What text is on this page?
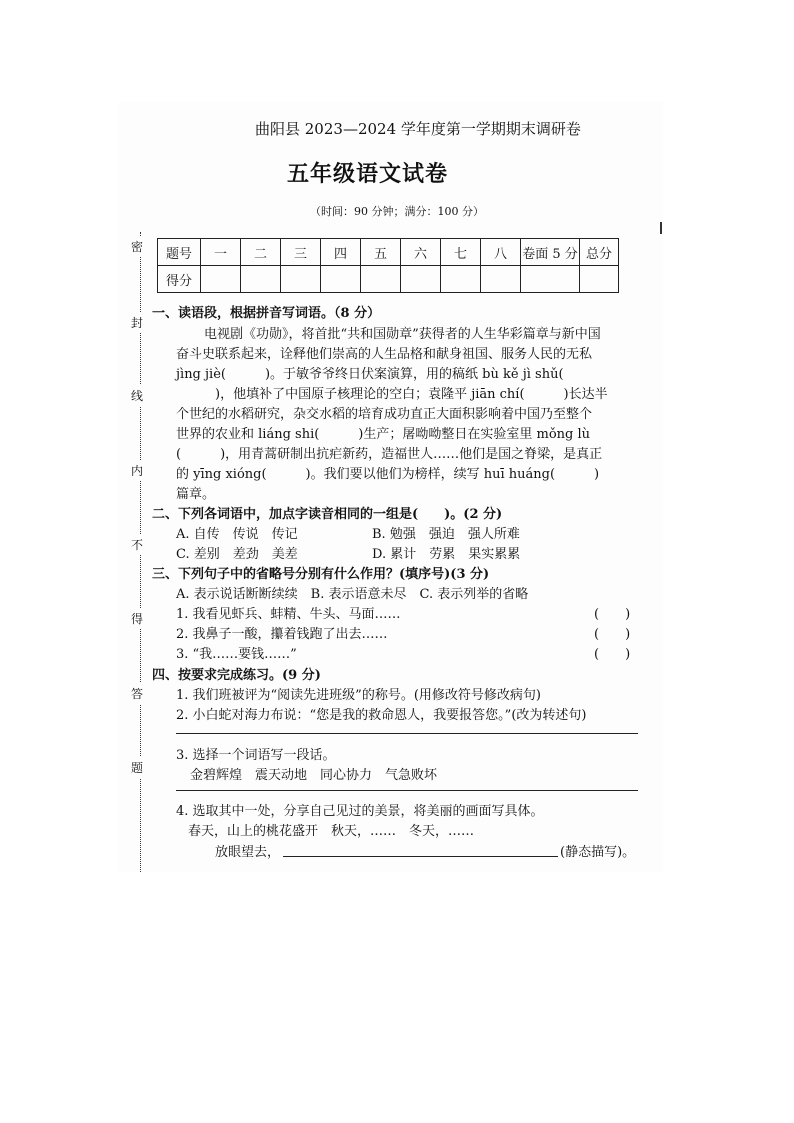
曲阳县 2023—2024 学年度第一学期期末调研卷
五年级语文试卷
（时间：90 分钟；满分：100 分）
密
封
线
内
不
得
答
题
题号	一	二	三	四	五	六	七	八	卷面 5 分	总分
得分										
一、读语段，根据拼音写词语。（8 分）
电视剧《功勋》，将首批“共和国勋章”获得者的人生华彩篇章与新中国
奋斗史联系起来，诠释他们崇高的人生品格和献身祖国、服务人民的无私
jìng jiè(　　　)。于敏爷爷终日伏案演算，用的稿纸 bù kě jì shǔ(
　　　)，他填补了中国原子核理论的空白；袁隆平 jiān chí(　　　)长达半
个世纪的水稻研究，杂交水稻的培育成功直正大面积影响着中国乃至整个
世界的农业和 liáng shi(　　　)生产；屠呦呦整日在实验室里 mǒng lù
(　　　)，用青蒿研制出抗疟新药，造福世人……他们是国之脊梁，是真正
的 yīng xióng(　　　)。我们要以他们为榜样，续写 huī huáng(　　　)
篇章。
二、下列各词语中，加点字读音相同的一组是(　　)。(2 分)
A. 自传　传说　传记	B. 勉强　强迫　强人所难
C. 差别　差劲　美差	D. 累计　劳累　果实累累
三、下列句子中的省略号分别有什么作用？(填序号)(3 分)
A. 表示说话断断续续　B. 表示语意未尽　C. 表示列举的省略
1. 我看见虾兵、蚌精、牛头、马面……	(　　)
2. 我鼻子一酸，攥着钱跑了出去……	(　　)
3. “我……要钱……”	(　　)
四、按要求完成练习。(9 分)
1. 我们班被评为“阅读先进班级”的称号。(用修改符号修改病句)
2. 小白蛇对海力布说：“您是我的救命恩人，我要报答您。”(改为转述句)
3. 选择一个词语写一段话。
金碧辉煌　震天动地　同心协力　气急败坏
4. 选取其中一处，分享自己见过的美景，将美丽的画面写具体。
春天，山上的桃花盛开　秋天，……　冬天，……
放眼望去，	(静态描写)。
